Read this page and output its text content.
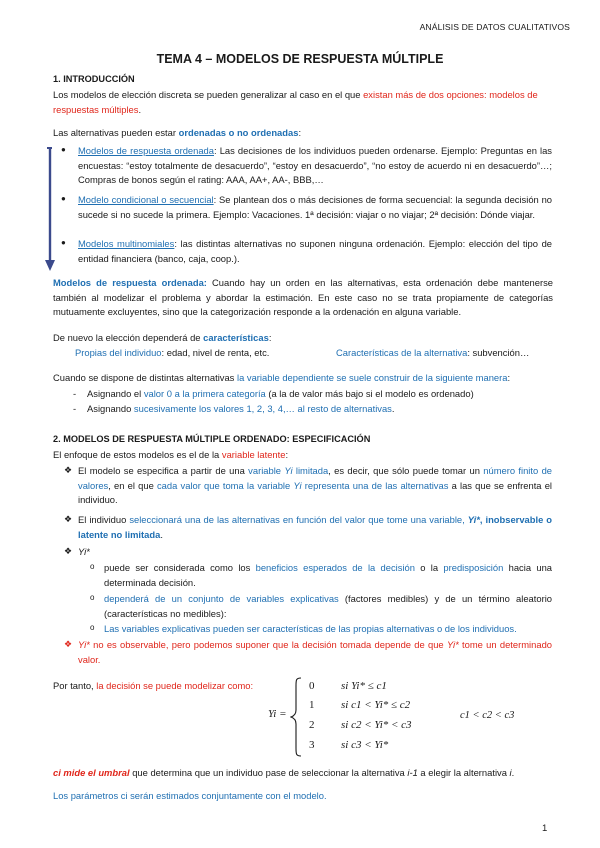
ANÁLISIS DE DATOS CUALITATIVOS
TEMA 4 – MODELOS DE RESPUESTA MÚLTIPLE
1. INTRODUCCIÓN

Los modelos de elección discreta se pueden generalizar al caso en el que existan más de dos opciones: modelos de respuestas múltiples.

Las alternativas pueden estar ordenadas o no ordenadas:

● Modelos de respuesta ordenada: Las decisiones de los individuos pueden ordenarse. Ejemplo: Preguntas en las encuestas: “estoy totalmente de desacuerdo”, “estoy en desacuerdo”, “no estoy de acuerdo ni en desacuerdo”…; Compras de bonos según el rating: AAA, AA+, AA-, BBB,…
● Modelo condicional o secuencial: Se plantean dos o más decisiones de forma secuencial: la segunda decisión no sucede si no sucede la primera. Ejemplo: Vacaciones. 1ª decisión: viajar o no viajar; 2ª decisión: Dónde viajar.
● Modelos multinomiales: las distintas alternativas no suponen ninguna ordenación. Ejemplo: elección del tipo de entidad financiera (banco, caja, coop.).

Modelos de respuesta ordenada: Cuando hay un orden en las alternativas, esta ordenación debe mantenerse también al modelizar el problema y abordar la estimación. En este caso no se trata propiamente de categorías mutuamente excluyentes, sino que la categorización responde a la ordenación en alguna variable.

De nuevo la elección dependerá de características:

Propias del individuo: edad, nivel de renta, etc.	Características de la alternativa: subvención…

Cuando se dispone de distintas alternativas la variable dependiente se suele construir de la siguiente manera:

- Asignando el valor 0 a la primera categoría (a la de valor más bajo si el modelo es ordenado)
- Asignando sucesivamente los valores 1, 2, 3, 4,… al resto de alternativas.
2. MODELOS DE RESPUESTA MÚLTIPLE ORDENADO: ESPECIFICACIÓN

El enfoque de estos modelos es el de la variable latente:

❖ El modelo se especifica a partir de una variable Yi limitada, es decir, que sólo puede tomar un número finito de valores, en el que cada valor que toma la variable Yi representa una de las alternativas a las que se enfrenta el individuo.
❖ El individuo seleccionará una de las alternativas en función del valor que tome una variable, Yi*, inobservable o latente no limitada.
❖ Yi*
o puede ser considerada como los beneficios esperados de la decisión o la predisposición hacia una determinada decisión.
o dependerá de un conjunto de variables explicativas (factores medibles) y de un término aleatorio (características no medibles):
o Las variables explicativas pueden ser características de las propias alternativas o de los individuos.
❖ Yi* no es observable, pero podemos suponer que la decisión tomada depende de que Yi* tome un determinado valor.

Por tanto, la decisión se puede modelizar como:

Yi =
0 si Yi* ≤ c1
1 si c1 < Yi* ≤ c2
2 si c2 < Yi* < c3
3 si c3 < Yi*
c1 < c2 < c3

ci mide el umbral que determina que un individuo pase de seleccionar la alternativa i-1 a elegir la alternativa i.

Los parámetros ci serán estimados conjuntamente con el modelo.

1
